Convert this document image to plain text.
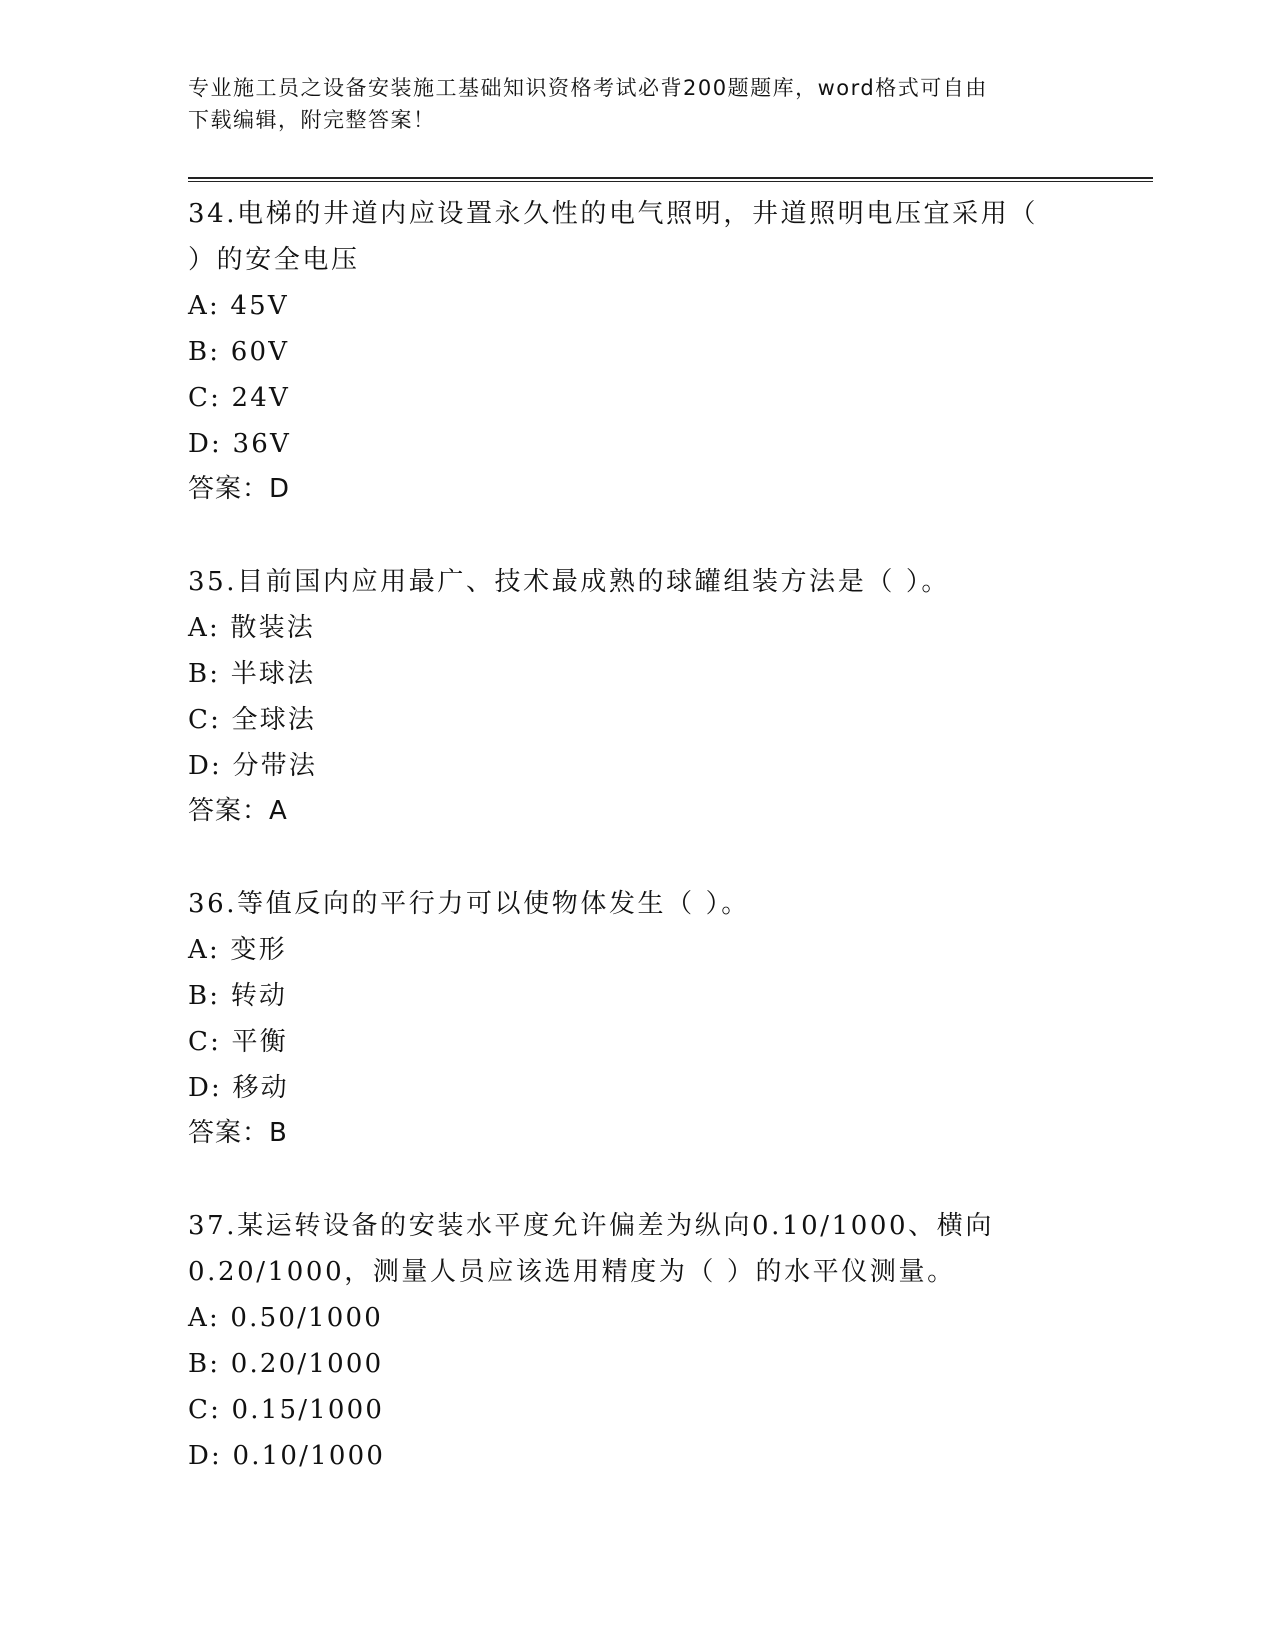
专业施工员之设备安装施工基础知识资格考试必背200题题库，word格式可自由
下载编辑，附完整答案！
34.电梯的井道内应设置永久性的电气照明，井道照明电压宜采用（
）的安全电压
A: 45V
B: 60V
C: 24V
D: 36V
答案：D
35.目前国内应用最广、技术最成熟的球罐组装方法是（ ）。
A: 散装法
B: 半球法
C: 全球法
D: 分带法
答案：A
36.等值反向的平行力可以使物体发生（ ）。
A: 变形
B: 转动
C: 平衡
D: 移动
答案：B
37.某运转设备的安装水平度允许偏差为纵向0.10/1000、横向
0.20/1000，测量人员应该选用精度为（ ）的水平仪测量。
A: 0.50/1000
B: 0.20/1000
C: 0.15/1000
D: 0.10/1000
